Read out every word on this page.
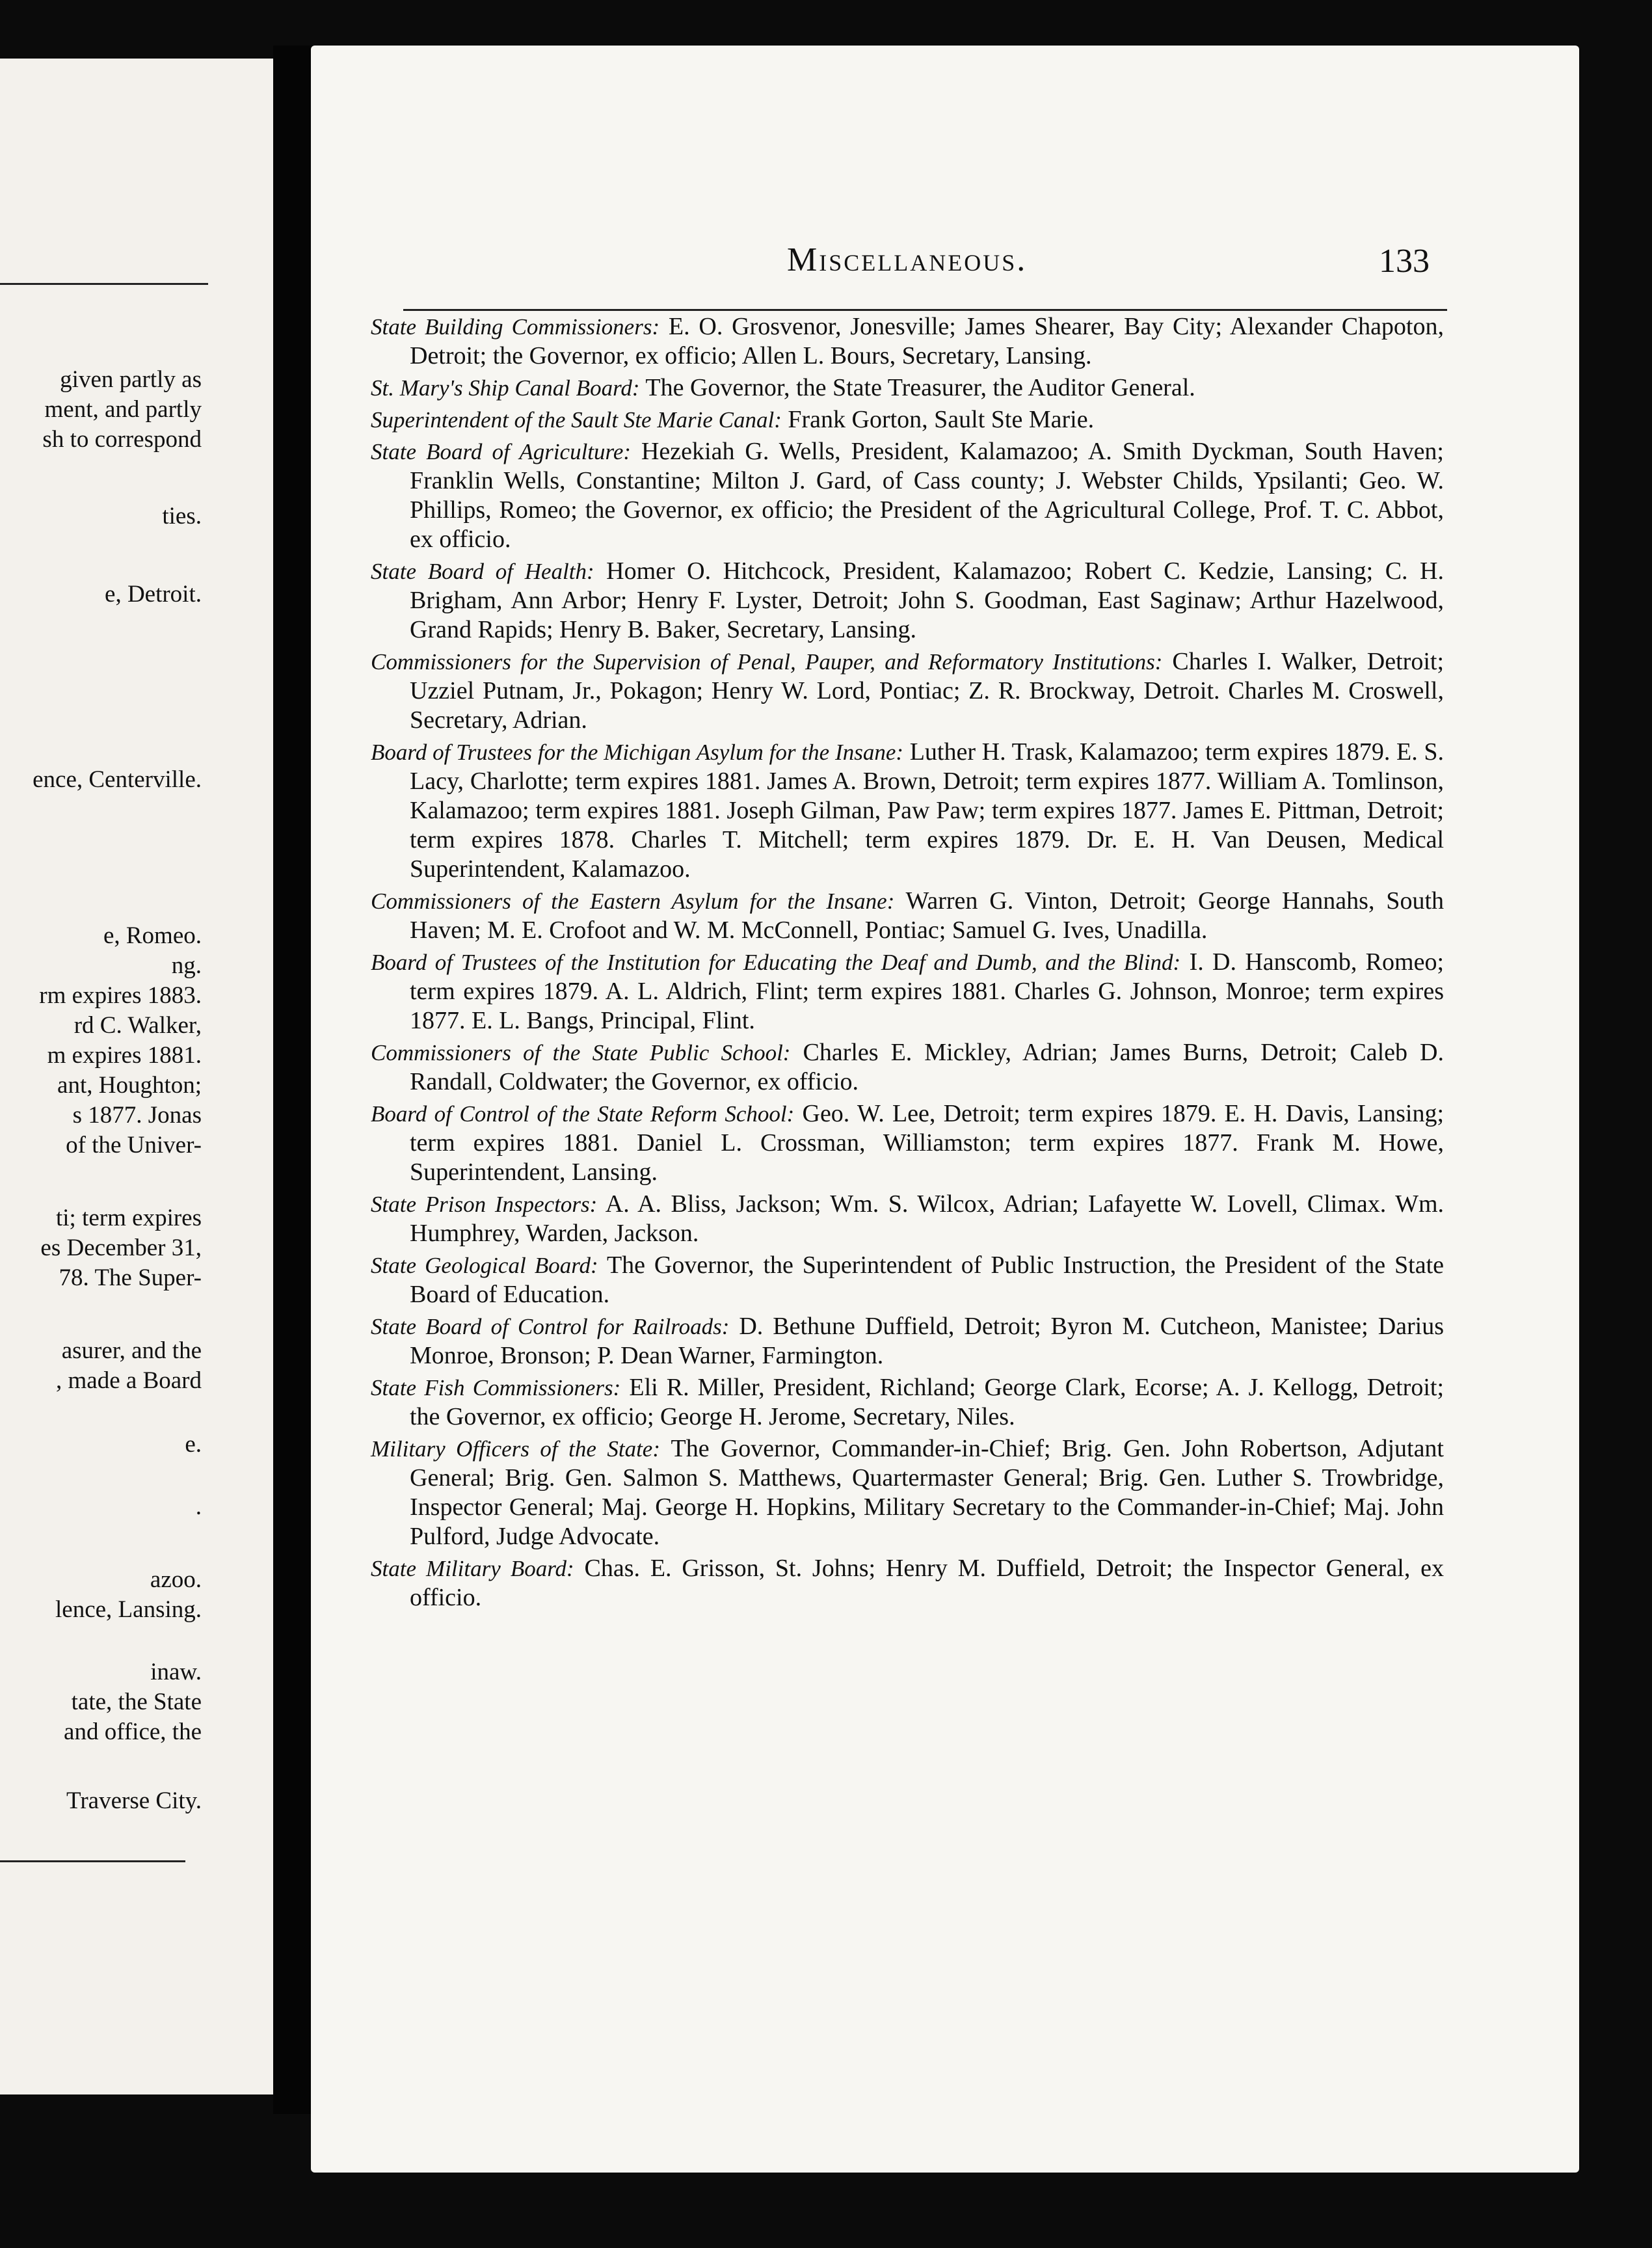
given partly as
ment, and partly
sh to correspond
ties.
e, Detroit.
ence, Centerville.
e, Romeo.
ng.
rm expires 1883.
rd C. Walker,
m expires 1881.
ant, Houghton;
s 1877. Jonas
of the Univer-
ti; term expires
es December 31,
78. The Super-
asurer, and the
, made a Board
e.
.
azoo.
lence, Lansing.
inaw.
tate, the State
and office, the
Traverse City.
Miscellaneous.	133

State Building Commissioners: E. O. Grosvenor, Jonesville; James Shearer, Bay City; Alexander Chapoton, Detroit; the Governor, ex officio; Allen L. Bours, Secretary, Lansing.

St. Mary's Ship Canal Board: The Governor, the State Treasurer, the Auditor General.

Superintendent of the Sault Ste Marie Canal: Frank Gorton, Sault Ste Marie.

State Board of Agriculture: Hezekiah G. Wells, President, Kalamazoo; A. Smith Dyckman, South Haven; Franklin Wells, Constantine; Milton J. Gard, of Cass county; J. Webster Childs, Ypsilanti; Geo. W. Phillips, Romeo; the Governor, ex officio; the President of the Agricultural College, Prof. T. C. Abbot, ex officio.

State Board of Health: Homer O. Hitchcock, President, Kalamazoo; Robert C. Kedzie, Lansing; C. H. Brigham, Ann Arbor; Henry F. Lyster, Detroit; John S. Goodman, East Saginaw; Arthur Hazelwood, Grand Rapids; Henry B. Baker, Secretary, Lansing.

Commissioners for the Supervision of Penal, Pauper, and Reformatory Institutions: Charles I. Walker, Detroit; Uzziel Putnam, Jr., Pokagon; Henry W. Lord, Pontiac; Z. R. Brockway, Detroit. Charles M. Croswell, Secretary, Adrian.

Board of Trustees for the Michigan Asylum for the Insane: Luther H. Trask, Kalamazoo; term expires 1879. E. S. Lacy, Charlotte; term expires 1881. James A. Brown, Detroit; term expires 1877. William A. Tomlinson, Kalamazoo; term expires 1881. Joseph Gilman, Paw Paw; term expires 1877. James E. Pittman, Detroit; term expires 1878. Charles T. Mitchell; term expires 1879. Dr. E. H. Van Deusen, Medical Superintendent, Kalamazoo.

Commissioners of the Eastern Asylum for the Insane: Warren G. Vinton, Detroit; George Hannahs, South Haven; M. E. Crofoot and W. M. McConnell, Pontiac; Samuel G. Ives, Unadilla.

Board of Trustees of the Institution for Educating the Deaf and Dumb, and the Blind: I. D. Hanscomb, Romeo; term expires 1879. A. L. Aldrich, Flint; term expires 1881. Charles G. Johnson, Monroe; term expires 1877. E. L. Bangs, Principal, Flint.

Commissioners of the State Public School: Charles E. Mickley, Adrian; James Burns, Detroit; Caleb D. Randall, Coldwater; the Governor, ex officio.

Board of Control of the State Reform School: Geo. W. Lee, Detroit; term expires 1879. E. H. Davis, Lansing; term expires 1881. Daniel L. Crossman, Williamston; term expires 1877. Frank M. Howe, Superintendent, Lansing.

State Prison Inspectors: A. A. Bliss, Jackson; Wm. S. Wilcox, Adrian; Lafayette W. Lovell, Climax. Wm. Humphrey, Warden, Jackson.

State Geological Board: The Governor, the Superintendent of Public Instruction, the President of the State Board of Education.

State Board of Control for Railroads: D. Bethune Duffield, Detroit; Byron M. Cutcheon, Manistee; Darius Monroe, Bronson; P. Dean Warner, Farmington.

State Fish Commissioners: Eli R. Miller, President, Richland; George Clark, Ecorse; A. J. Kellogg, Detroit; the Governor, ex officio; George H. Jerome, Secretary, Niles.

Military Officers of the State: The Governor, Commander-in-Chief; Brig. Gen. John Robertson, Adjutant General; Brig. Gen. Salmon S. Matthews, Quartermaster General; Brig. Gen. Luther S. Trowbridge, Inspector General; Maj. George H. Hopkins, Military Secretary to the Commander-in-Chief; Maj. John Pulford, Judge Advocate.

State Military Board: Chas. E. Grisson, St. Johns; Henry M. Duffield, Detroit; the Inspector General, ex officio.
